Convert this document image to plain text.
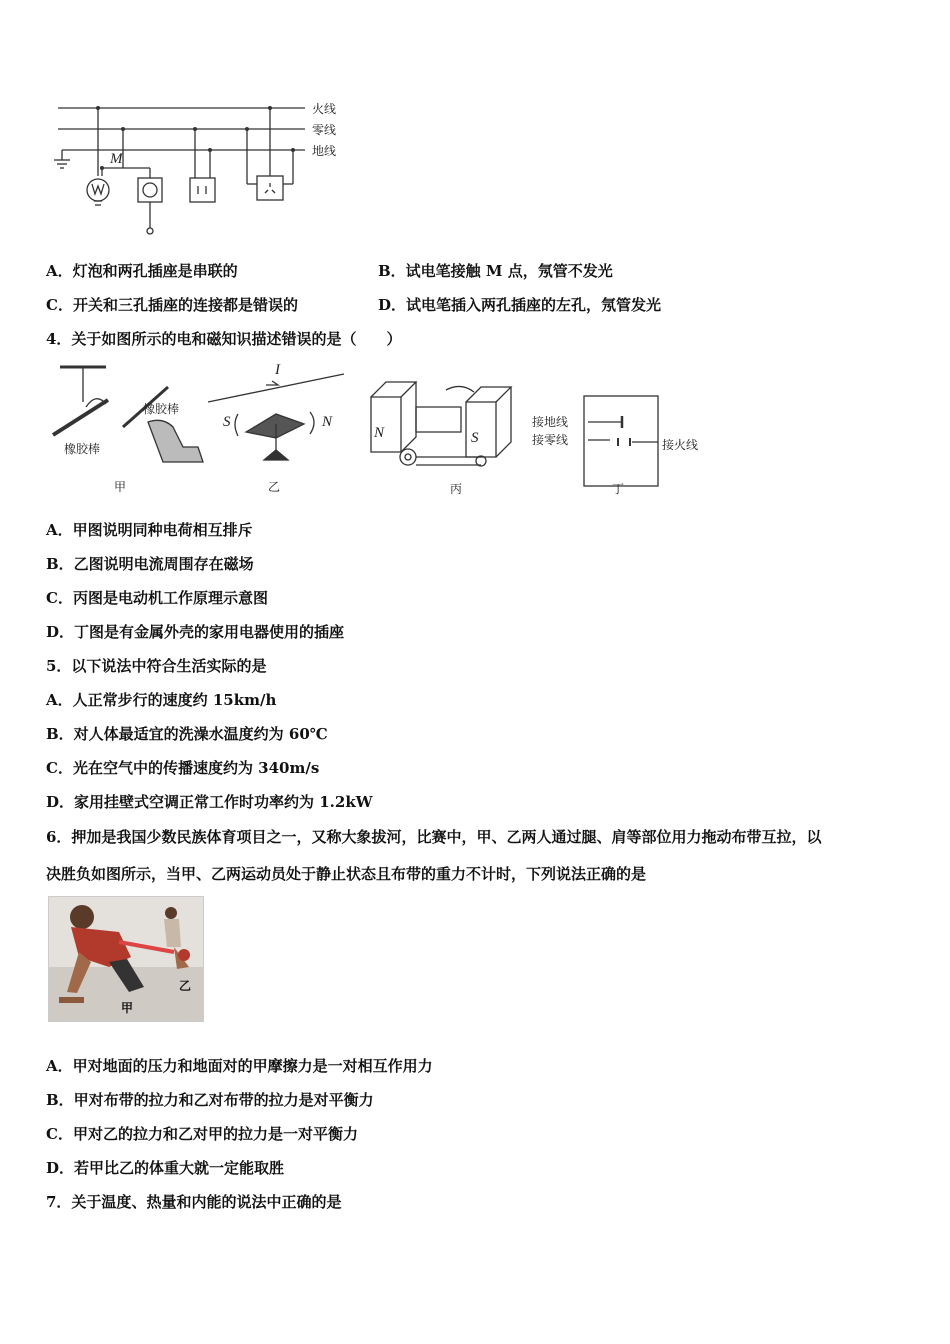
火线
零线
地线
M
A．灯泡和两孔插座是串联的	B．试电笔接触 M 点，氖管不发光
C．开关和三孔插座的连接都是错误的	D．试电笔插入两孔插座的左孔，氖管发光
4．关于如图所示的电和磁知识描述错误的是（　　）
橡胶棒
橡胶棒
甲
I
S	N
乙
N	S
丙
接地线
接零线	接火线
丁
A．甲图说明同种电荷相互排斥
B．乙图说明电流周围存在磁场
C．丙图是电动机工作原理示意图
D．丁图是有金属外壳的家用电器使用的插座
5．以下说法中符合生活实际的是
A．人正常步行的速度约 15km/h
B．对人体最适宜的洗澡水温度约为 60℃
C．光在空气中的传播速度约为 340m/s
D．家用挂壁式空调正常工作时功率约为 1.2kW
6．押加是我国少数民族体育项目之一，又称大象拔河，比赛中，甲、乙两人通过腿、肩等部位用力拖动布带互拉，以
决胜负如图所示，当甲、乙两运动员处于静止状态且布带的重力不计时，下列说法正确的是
甲
乙
A．甲对地面的压力和地面对的甲摩擦力是一对相互作用力
B．甲对布带的拉力和乙对布带的拉力是对平衡力
C．甲对乙的拉力和乙对甲的拉力是一对平衡力
D．若甲比乙的体重大就一定能取胜
7．关于温度、热量和内能的说法中正确的是
